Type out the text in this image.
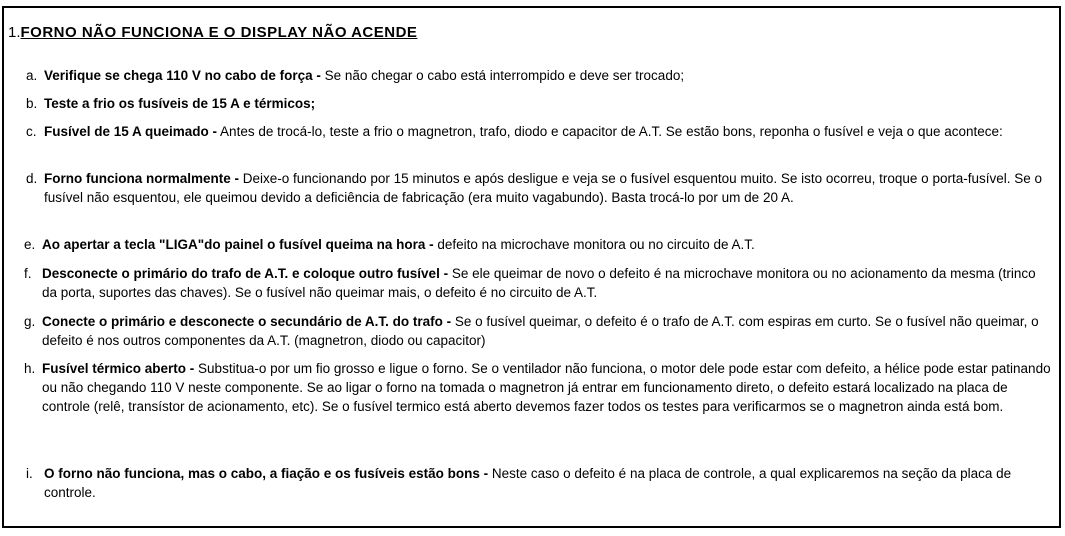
1.FORNO NÃO FUNCIONA E O DISPLAY NÃO ACENDE
a. Verifique se chega 110 V no cabo de força - Se não chegar o cabo está interrompido e deve ser trocado;
b. Teste a frio os fusíveis de 15 A e térmicos;
c. Fusível de 15 A queimado - Antes de trocá-lo, teste a frio o magnetron, trafo, diodo e capacitor de A.T. Se estão bons, reponha o fusível e veja o que acontece:
d. Forno funciona normalmente - Deixe-o funcionando por 15 minutos e após desligue e veja se o fusível esquentou muito. Se isto ocorreu, troque o porta-fusível. Se o fusível não esquentou, ele queimou devido a deficiência de fabricação (era muito vagabundo). Basta trocá-lo por um de 20 A.
e. Ao apertar a tecla "LIGA"do painel o fusível queima na hora - defeito na microchave monitora ou no circuito de A.T.
f. Desconecte o primário do trafo de A.T. e coloque outro fusível - Se ele queimar de novo o defeito é na microchave monitora ou no acionamento da mesma (trinco da porta, suportes das chaves). Se o fusível não queimar mais, o defeito é no circuito de A.T.
g. Conecte o primário e desconecte o secundário de A.T. do trafo - Se o fusível queimar, o defeito é o trafo de A.T. com espiras em curto. Se o fusível não queimar, o defeito é nos outros componentes da A.T. (magnetron, diodo ou capacitor)
h. Fusível térmico aberto - Substitua-o por um fio grosso e ligue o forno. Se o ventilador não funciona, o motor dele pode estar com defeito, a hélice pode estar patinando ou não chegando 110 V neste componente. Se ao ligar o forno na tomada o magnetron já entrar em funcionamento direto, o defeito estará localizado na placa de controle (relê, transístor de acionamento, etc). Se o fusível termico está aberto devemos fazer todos os testes para verificarmos se o magnetron ainda está bom.
i. O forno não funciona, mas o cabo, a fiação e os fusíveis estão bons - Neste caso o defeito é na placa de controle, a qual explicaremos na seção da placa de controle.
